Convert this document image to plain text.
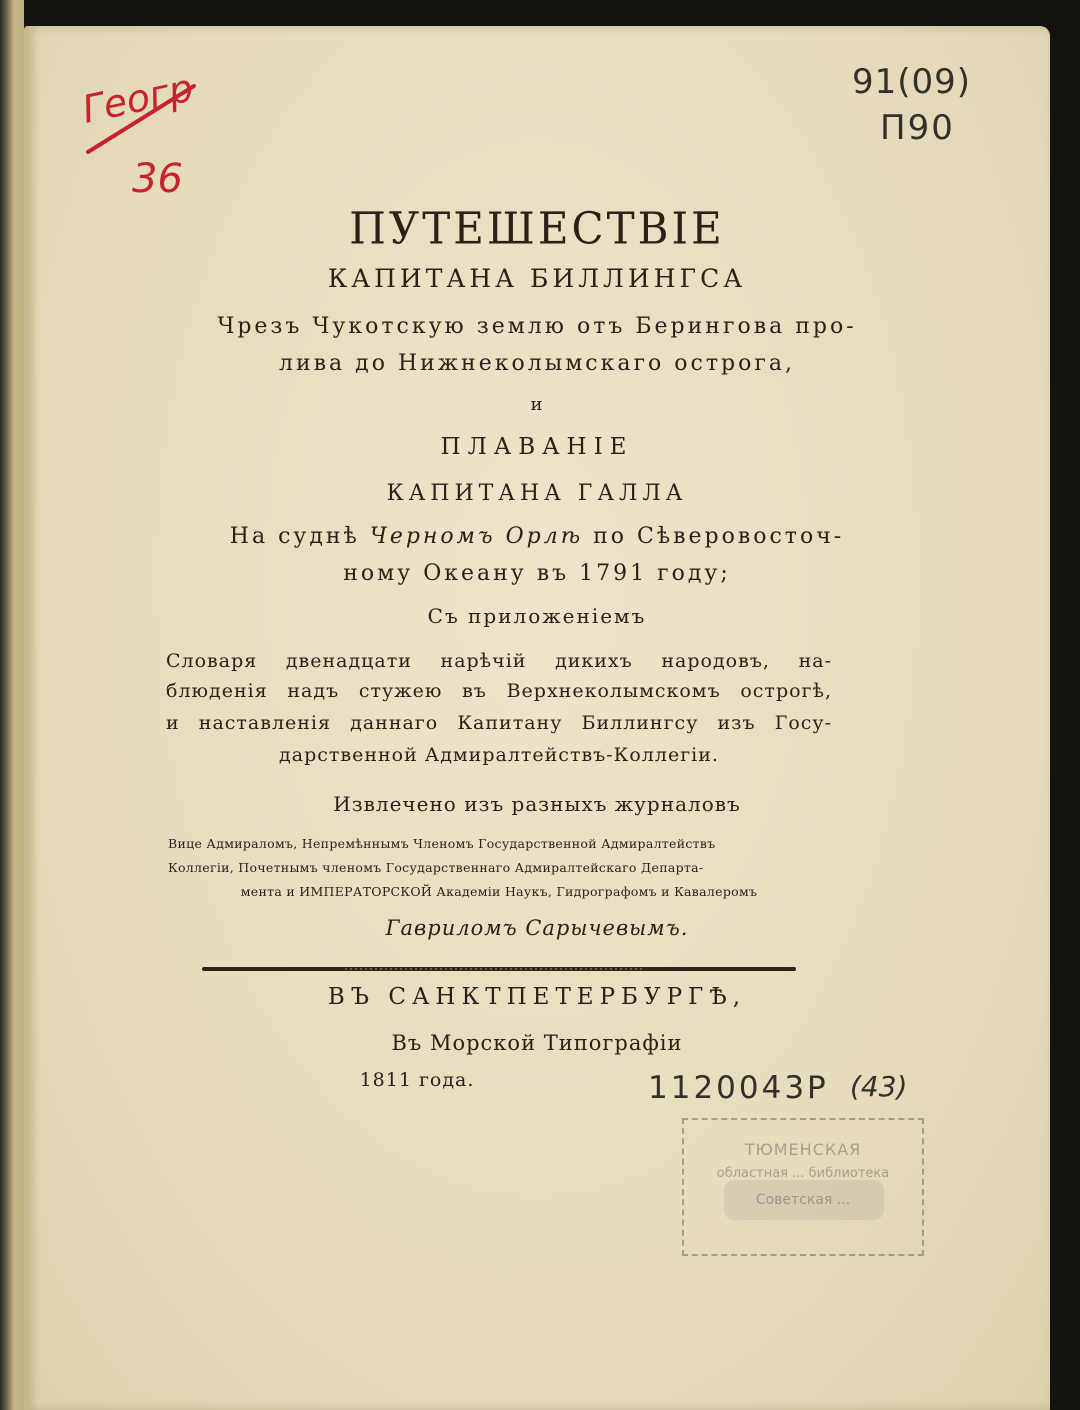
Геогр
36
91(09)
П90
ПУТЕШЕСТВІЕ
КАПИТАНА БИЛЛИНГСА
Чрезъ Чукотскую землю отъ Берингова про-
лива до Нижнеколымскаго острога,
и
ПЛАВАНІЕ
КАПИТАНА ГАЛЛА
На суднѣ Черномъ Орлѣ по Сѣверовосточ-
ному Океану въ 1791 году;
Съ приложеніемъ
Словаря двенадцати нарѣчій дикихъ народовъ, на-
блюденія надъ стужею въ Верхнеколымскомъ острогѣ,
и наставленія даннаго Капитану Биллингсу изъ Госу-
дарственной Адмиралтействъ-Коллегіи.
Извлечено изъ разныхъ журналовъ
Вице Адмираломъ, Непремѣннымъ Членомъ Государственной Адмиралтействъ
Коллегіи, Почетнымъ членомъ Государственнаго Адмиралтейскаго Департа-
мента и ИМПЕРАТОРСКОЙ Академіи Наукъ, Гидрографомъ и Кавалеромъ
Гавриломъ Сарычевымъ.
ВЪ САНКТПЕТЕРБУРГѢ,
Въ Морской Типографіи
1811 года.	1120043Р (43)
ТЮМЕНСКАЯ
областная ... библиотека
Советская ...
